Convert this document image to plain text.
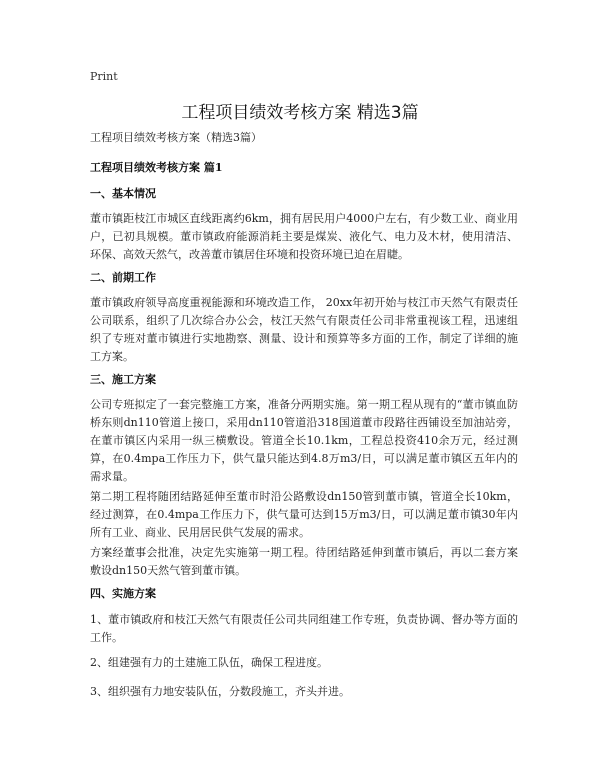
Print
工程项目绩效考核方案 精选3篇

工程项目绩效考核方案（精选3篇）

工程项目绩效考核方案 篇1

一、基本情况

董市镇距枝江市城区直线距离约6km，拥有居民用户4000户左右，有少数工业、商业用户，已初具规模。董市镇政府能源消耗主要是煤炭、液化气、电力及木材，使用清洁、环保、高效天然气，改善董市镇居住环境和投资环境已迫在眉睫。

二、前期工作

董市镇政府领导高度重视能源和环境改造工作， 20xx年初开始与枝江市天然气有限责任公司联系，组织了几次综合办公会，枝江天然气有限责任公司非常重视该工程，迅速组织了专班对董市镇进行实地勘察、测量、设计和预算等多方面的工作，制定了详细的施工方案。

三、施工方案

公司专班拟定了一套完整施工方案，准备分两期实施。第一期工程从现有的“董市镇血防桥东则dn110管道上接口，采用dn110管道沿318国道董市段路往西铺设至加油站旁，在董市镇区内采用一纵三横敷设。管道全长10.1km，工程总投资410余万元，经过测算，在0.4mpa工作压力下，供气量只能达到4.8万m3/日，可以满足董市镇区五年内的需求量。

第二期工程将随团结路延伸至董市时沿公路敷设dn150管到董市镇，管道全长10km，经过测算，在0.4mpa工作压力下，供气量可达到15万m3/日，可以满足董市镇30年内所有工业、商业、民用居民供气发展的需求。

方案经董事会批准，决定先实施第一期工程。待团结路延伸到董市镇后，再以二套方案敷设dn150天然气管到董市镇。

四、实施方案

1、董市镇政府和枝江天然气有限责任公司共同组建工作专班，负责协调、督办等方面的工作。

2、组建强有力的土建施工队伍，确保工程进度。

3、组织强有力地安装队伍，分数段施工，齐头并进。
